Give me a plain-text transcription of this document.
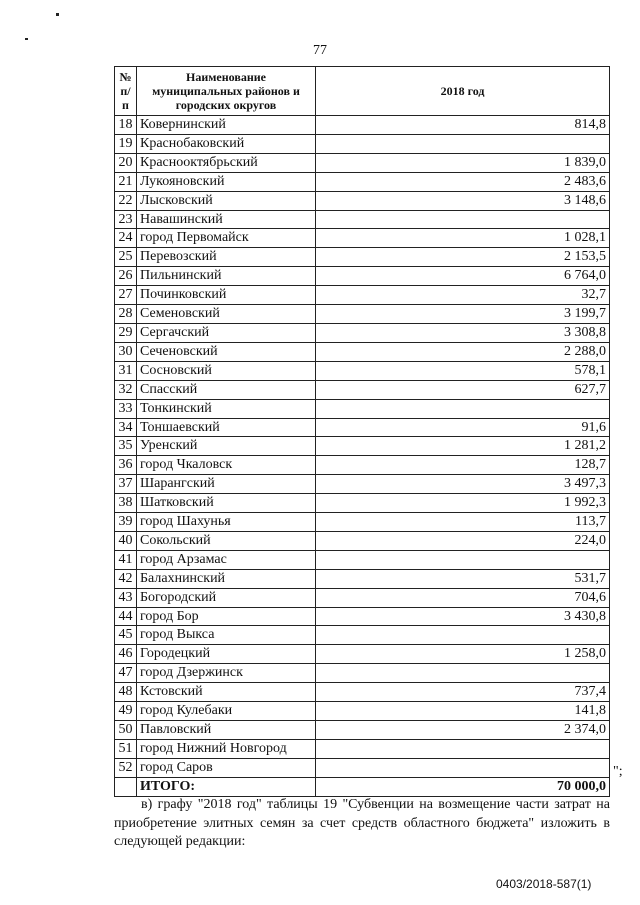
77
№ п/п	Наименование муниципальных районов и городских округов	2018 год
18	Ковернинский	814,8
19	Краснобаковский	
20	Краснооктябрьский	1 839,0
21	Лукояновский	2 483,6
22	Лысковский	3 148,6
23	Навашинский	
24	город Первомайск	1 028,1
25	Перевозский	2 153,5
26	Пильнинский	6 764,0
27	Починковский	32,7
28	Семеновский	3 199,7
29	Сергачский	3 308,8
30	Сеченовский	2 288,0
31	Сосновский	578,1
32	Спасский	627,7
33	Тонкинский	
34	Тоншаевский	91,6
35	Уренский	1 281,2
36	город Чкаловск	128,7
37	Шарангский	3 497,3
38	Шатковский	1 992,3
39	город Шахунья	113,7
40	Сокольский	224,0
41	город Арзамас	
42	Балахнинский	531,7
43	Богородский	704,6
44	город Бор	3 430,8
45	город Выкса	
46	Городецкий	1 258,0
47	город Дзержинск	
48	Кстовский	737,4
49	город Кулебаки	141,8
50	Павловский	2 374,0
51	город Нижний Новгород	
52	город Саров	
	ИТОГО:	70 000,0
";
в) графу "2018 год" таблицы 19 "Субвенции на возмещение части затрат на приобретение элитных семян за счет средств областного бюджета" изложить в следующей редакции:
0403/2018-587(1)
